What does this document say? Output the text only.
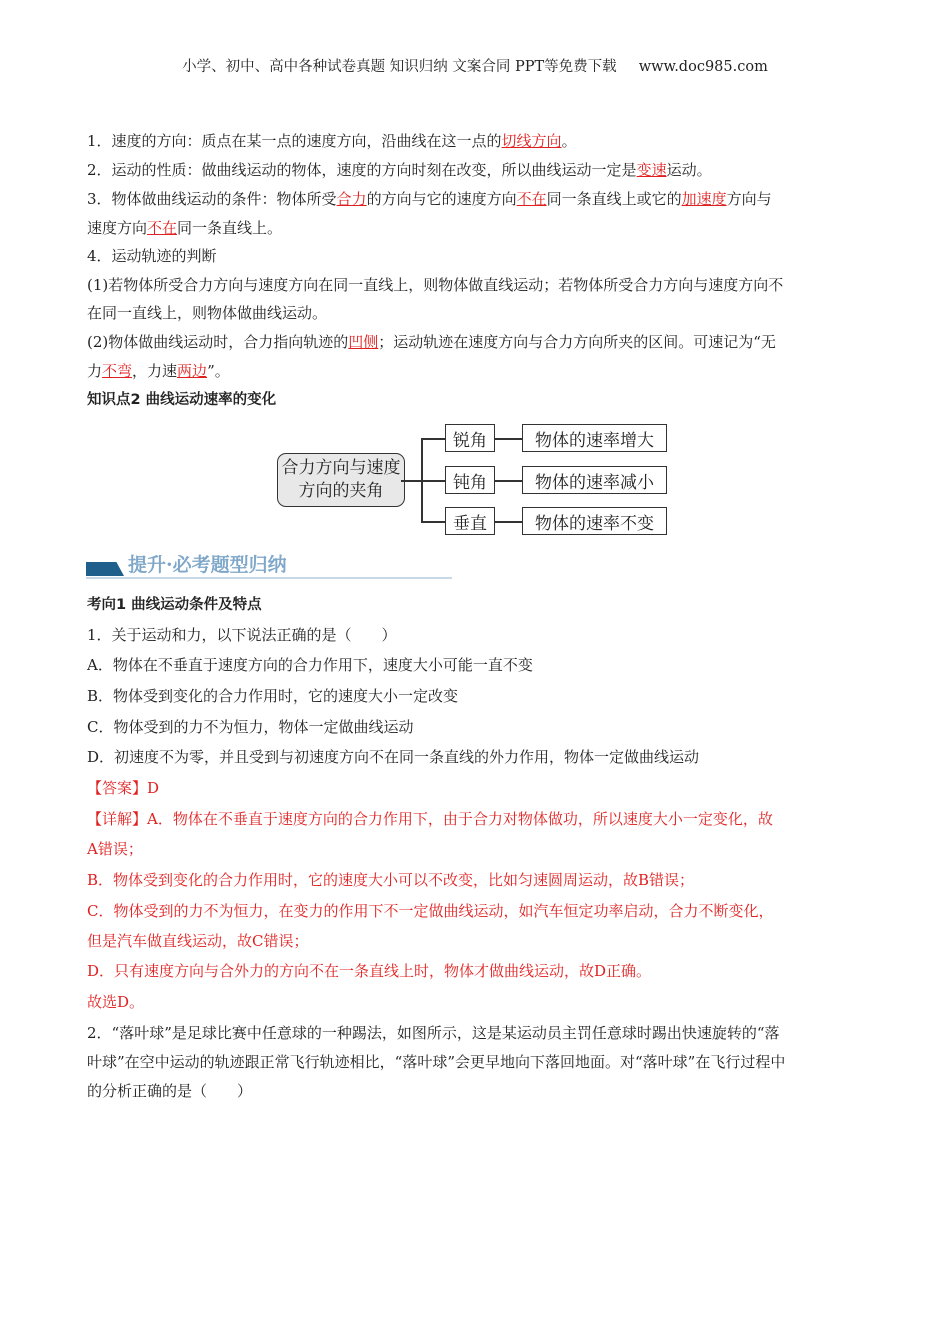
小学、初中、高中各种试卷真题 知识归纳 文案合同 PPT等免费下载 www.doc985.com
1．速度的方向：质点在某一点的速度方向，沿曲线在这一点的切线方向。
2．运动的性质：做曲线运动的物体，速度的方向时刻在改变，所以曲线运动一定是变速运动。
3．物体做曲线运动的条件：物体所受合力的方向与它的速度方向不在同一条直线上或它的加速度方向与
速度方向不在同一条直线上。
4．运动轨迹的判断
(1)若物体所受合力方向与速度方向在同一直线上，则物体做直线运动；若物体所受合力方向与速度方向不
在同一直线上，则物体做曲线运动。
(2)物体做曲线运动时，合力指向轨迹的凹侧；运动轨迹在速度方向与合力方向所夹的区间。可速记为“无
力不弯，力速两边”。
知识点2 曲线运动速率的变化
合力方向与速度方向的夹角
锐角
钝角
垂直
物体的速率增大
物体的速率减小
物体的速率不变
提升·必考题型归纳
考向1 曲线运动条件及特点
1．关于运动和力，以下说法正确的是（　　）
A．物体在不垂直于速度方向的合力作用下，速度大小可能一直不变
B．物体受到变化的合力作用时，它的速度大小一定改变
C．物体受到的力不为恒力，物体一定做曲线运动
D．初速度不为零，并且受到与初速度方向不在同一条直线的外力作用，物体一定做曲线运动
【答案】D
【详解】A．物体在不垂直于速度方向的合力作用下，由于合力对物体做功，所以速度大小一定变化，故
A错误；
B．物体受到变化的合力作用时，它的速度大小可以不改变，比如匀速圆周运动，故B错误；
C．物体受到的力不为恒力，在变力的作用下不一定做曲线运动，如汽车恒定功率启动，合力不断变化，
但是汽车做直线运动，故C错误；
D．只有速度方向与合外力的方向不在一条直线上时，物体才做曲线运动，故D正确。
故选D。
2．“落叶球”是足球比赛中任意球的一种踢法，如图所示，这是某运动员主罚任意球时踢出快速旋转的“落
叶球”在空中运动的轨迹跟正常飞行轨迹相比，“落叶球”会更早地向下落回地面。对“落叶球”在飞行过程中
的分析正确的是（　　）
